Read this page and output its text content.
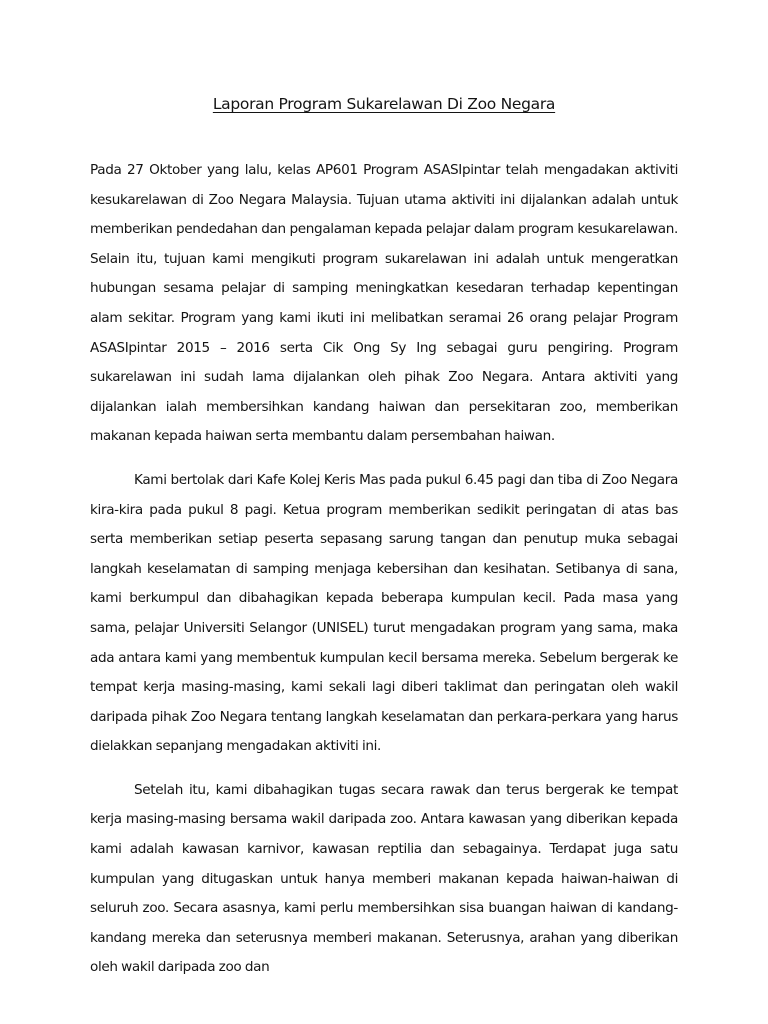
Laporan Program Sukarelawan Di Zoo Negara

Pada 27 Oktober yang lalu, kelas AP601 Program ASASIpintar telah mengadakan aktiviti kesukarelawan di Zoo Negara Malaysia. Tujuan utama aktiviti ini dijalankan adalah untuk memberikan pendedahan dan pengalaman kepada pelajar dalam program kesukarelawan. Selain itu, tujuan kami mengikuti program sukarelawan ini adalah untuk mengeratkan hubungan sesama pelajar di samping meningkatkan kesedaran terhadap kepentingan alam sekitar. Program yang kami ikuti ini melibatkan seramai 26 orang pelajar Program ASASIpintar 2015 – 2016 serta Cik Ong Sy Ing sebagai guru pengiring. Program sukarelawan ini sudah lama dijalankan oleh pihak Zoo Negara. Antara aktiviti yang dijalankan ialah membersihkan kandang haiwan dan persekitaran zoo, memberikan makanan kepada haiwan serta membantu dalam persembahan haiwan.

Kami bertolak dari Kafe Kolej Keris Mas pada pukul 6.45 pagi dan tiba di Zoo Negara kira-kira pada pukul 8 pagi. Ketua program memberikan sedikit peringatan di atas bas serta memberikan setiap peserta sepasang sarung tangan dan penutup muka sebagai langkah keselamatan di samping menjaga kebersihan dan kesihatan. Setibanya di sana, kami berkumpul dan dibahagikan kepada beberapa kumpulan kecil. Pada masa yang sama, pelajar Universiti Selangor (UNISEL) turut mengadakan program yang sama, maka ada antara kami yang membentuk kumpulan kecil bersama mereka. Sebelum bergerak ke tempat kerja masing-masing, kami sekali lagi diberi taklimat dan peringatan oleh wakil daripada pihak Zoo Negara tentang langkah keselamatan dan perkara-perkara yang harus dielakkan sepanjang mengadakan aktiviti ini.

Setelah itu, kami dibahagikan tugas secara rawak dan terus bergerak ke tempat kerja masing-masing bersama wakil daripada zoo. Antara kawasan yang diberikan kepada kami adalah kawasan karnivor, kawasan reptilia dan sebagainya. Terdapat juga satu kumpulan yang ditugaskan untuk hanya memberi makanan kepada haiwan-haiwan di seluruh zoo. Secara asasnya, kami perlu membersihkan sisa buangan haiwan di kandang-kandang mereka dan seterusnya memberi makanan. Seterusnya, arahan yang diberikan oleh wakil daripada zoo dan
